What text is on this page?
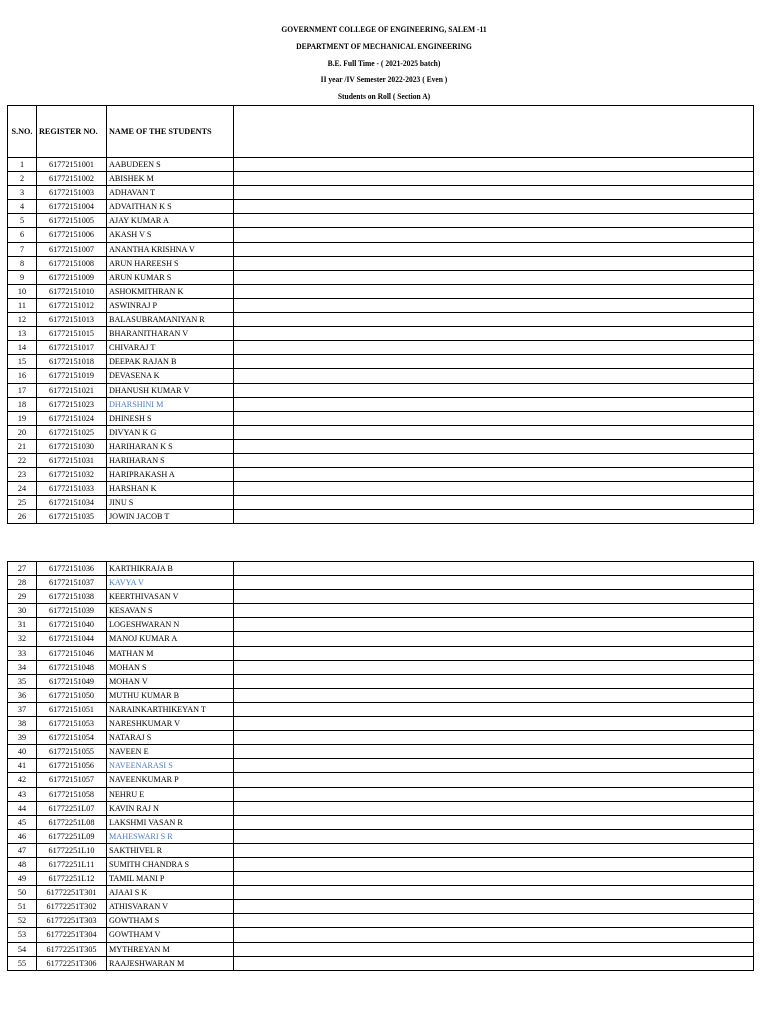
GOVERNMENT COLLEGE OF ENGINEERING, SALEM -11
DEPARTMENT OF MECHANICAL ENGINEERING
B.E. Full Time - ( 2021-2025 batch)
II year /IV Semester 2022-2023 ( Even )
Students on Roll ( Section A)
S.NO.	REGISTER NO.	NAME OF THE STUDENTS	
1	61772151001	AABUDEEN S	
2	61772151002	ABISHEK M	
3	61772151003	ADHAVAN T	
4	61772151004	ADVAITHAN K S	
5	61772151005	AJAY KUMAR A	
6	61772151006	AKASH V S	
7	61772151007	ANANTHA KRISHNA V	
8	61772151008	ARUN HAREESH S	
9	61772151009	ARUN KUMAR S	
10	61772151010	ASHOKMITHRAN K	
11	61772151012	ASWINRAJ P	
12	61772151013	BALASUBRAMANIYAN R	
13	61772151015	BHARANITHARAN V	
14	61772151017	CHIVARAJ T	
15	61772151018	DEEPAK RAJAN B	
16	61772151019	DEVASENA K	
17	61772151021	DHANUSH KUMAR V	
18	61772151023	DHARSHINI M	
19	61772151024	DHINESH S	
20	61772151025	DIVYAN K G	
21	61772151030	HARIHARAN K S	
22	61772151031	HARIHARAN S	
23	61772151032	HARIPRAKASH A	
24	61772151033	HARSHAN K	
25	61772151034	JINU S	
26	61772151035	JOWIN JACOB T	
27	61772151036	KARTHIKRAJA B	
28	61772151037	KAVYA V	
29	61772151038	KEERTHIVASAN V	
30	61772151039	KESAVAN S	
31	61772151040	LOGESHWARAN N	
32	61772151044	MANOJ KUMAR A	
33	61772151046	MATHAN M	
34	61772151048	MOHAN S	
35	61772151049	MOHAN V	
36	61772151050	MUTHU KUMAR B	
37	61772151051	NARAINKARTHIKEYAN T	
38	61772151053	NARESHKUMAR V	
39	61772151054	NATARAJ S	
40	61772151055	NAVEEN E	
41	61772151056	NAVEENARASI S	
42	61772151057	NAVEENKUMAR P	
43	61772151058	NEHRU E	
44	61772251L07	KAVIN RAJ N	
45	61772251L08	LAKSHMI VASAN R	
46	61772251L09	MAHESWARI S R	
47	61772251L10	SAKTHIVEL R	
48	61772251L11	SUMITH CHANDRA S	
49	61772251L12	TAMIL MANI P	
50	61772251T301	AJAAI S K	
51	61772251T302	ATHISVARAN V	
52	61772251T303	GOWTHAM S	
53	61772251T304	GOWTHAM V	
54	61772251T305	MYTHREYAN M	
55	61772251T306	RAAJESHWARAN M	
